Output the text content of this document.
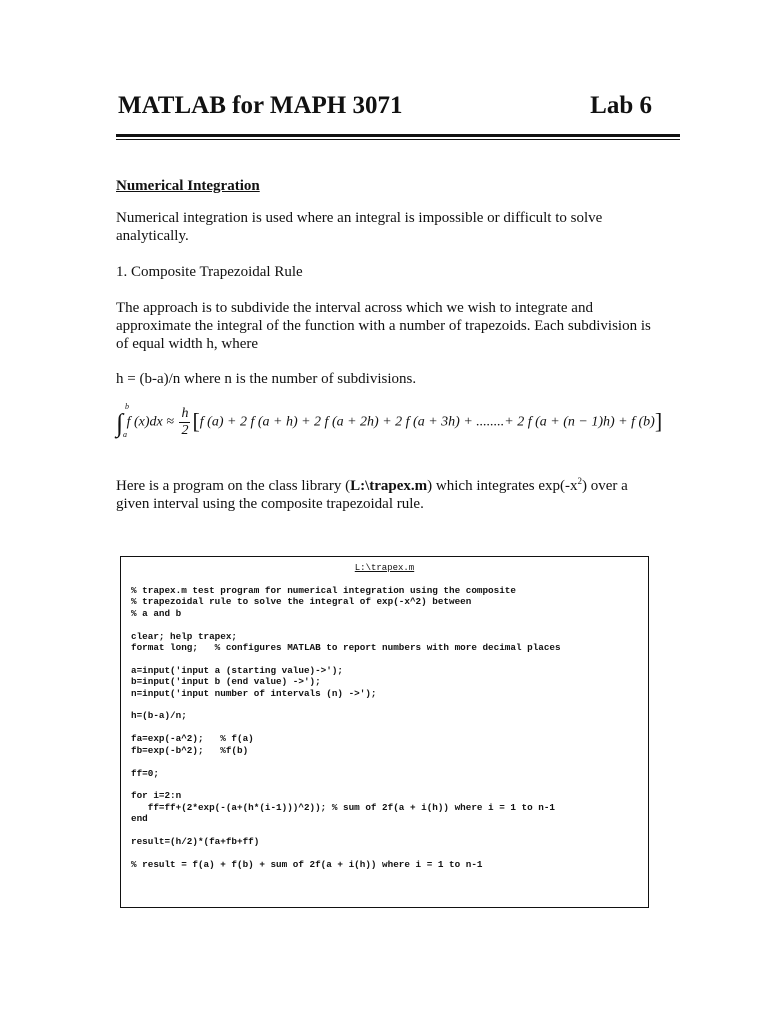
MATLAB for MAPH 3071	Lab 6
Numerical Integration
Numerical integration is used where an integral is impossible or difficult to solve analytically.
1. Composite Trapezoidal Rule
The approach is to subdivide the interval across which we wish to integrate and approximate the integral of the function with a number of trapezoids. Each subdivision is of equal width h, where
h = (b-a)/n where n is the number of subdivisions.
∫
b
a
f $(x)dx \approx \frac{h}{2}[f$ (a) + 2 f (a + h) + 2 f (a + 2h) + 2 f (a + 3h) + ........+ 2 f (a + (n − 1)h) + f (b)]
Here is a program on the class library (L:\trapex.m) which integrates $\exp(-x^2)$ over a given interval using the composite trapezoidal rule.
L:\trapex.m
% trapex.m test program for numerical integration using the composite
% trapezoidal rule to solve the integral of exp(-x^2) between
% a and b

clear; help trapex;
format long;   % configures MATLAB to report numbers with more decimal places

a=input('input a (starting value)->');
b=input('input b (end value) ->');
n=input('input number of intervals (n) ->');

h=(b-a)/n;

fa=exp(-a^2);   % f(a)
fb=exp(-b^2);   %f(b)

ff=0;

for i=2:n
ff=ff+(2*exp(-(a+(h*(i-1)))^2)); % sum of 2f(a + i(h)) where i = 1 to n-1
end

result=(h/2)*(fa+fb+ff)

% result = f(a) + f(b) + sum of 2f(a + i(h)) where i = 1 to n-1
